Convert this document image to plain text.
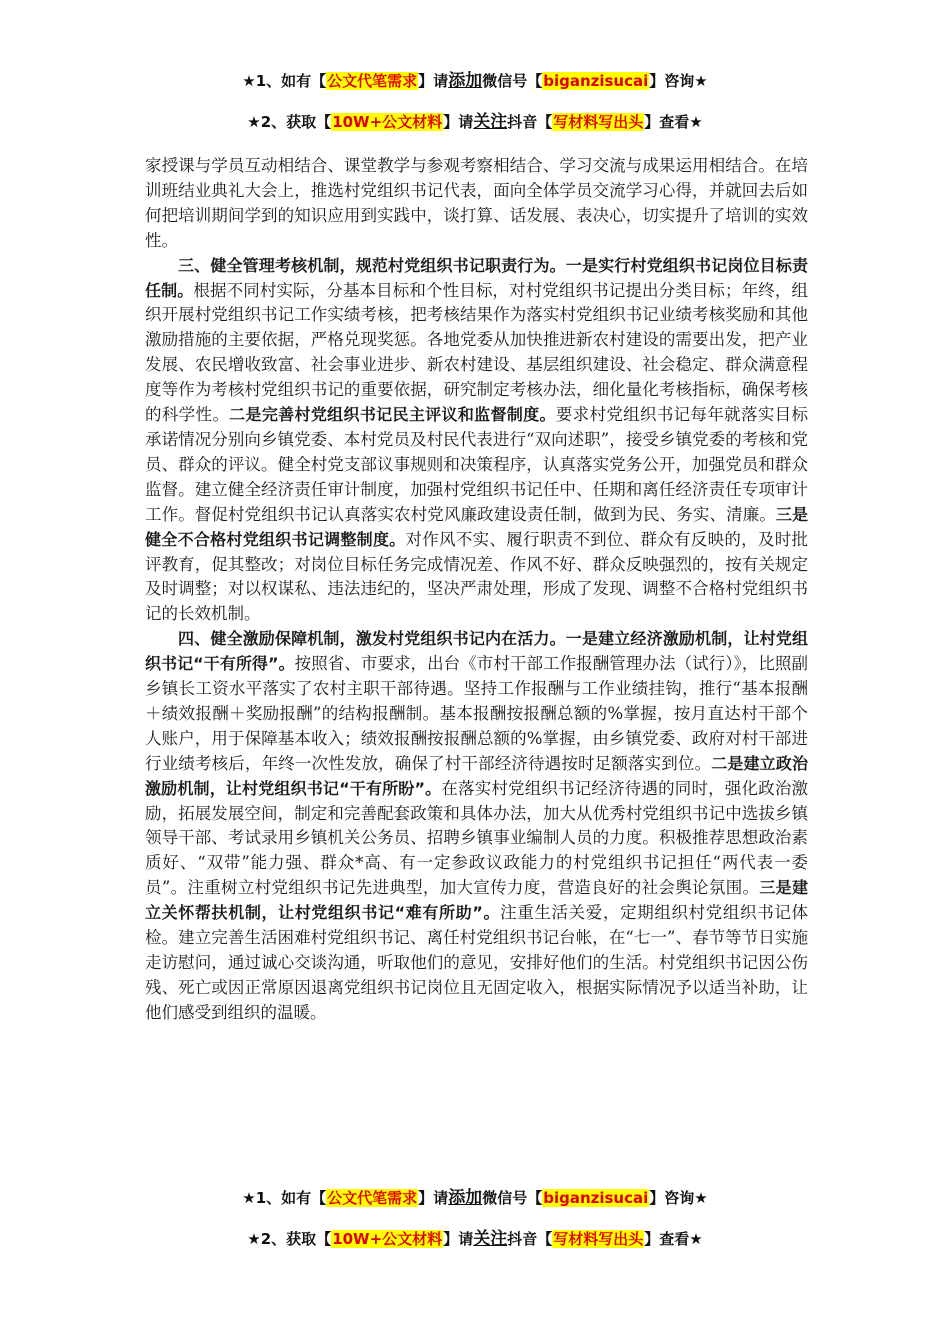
★1、如有【公文代笔需求】请添加微信号【biganzisucai】咨询★
★2、获取【10W+公文材料】请关注抖音【写材料写出头】查看★

家授课与学员互动相结合、课堂教学与参观考察相结合、学习交流与成果运用相结合。在培训班结业典礼大会上，推选村党组织书记代表，面向全体学员交流学习心得，并就回去后如何把培训期间学到的知识应用到实践中，谈打算、话发展、表决心，切实提升了培训的实效性。

三、健全管理考核机制，规范村党组织书记职责行为。一是实行村党组织书记岗位目标责任制。根据不同村实际，分基本目标和个性目标，对村党组织书记提出分类目标；年终，组织开展村党组织书记工作实绩考核，把考核结果作为落实村党组织书记业绩考核奖励和其他激励措施的主要依据，严格兑现奖惩。各地党委从加快推进新农村建设的需要出发，把产业发展、农民增收致富、社会事业进步、新农村建设、基层组织建设、社会稳定、群众满意程度等作为考核村党组织书记的重要依据，研究制定考核办法，细化量化考核指标，确保考核的科学性。二是完善村党组织书记民主评议和监督制度。要求村党组织书记每年就落实目标承诺情况分别向乡镇党委、本村党员及村民代表进行“双向述职”，接受乡镇党委的考核和党员、群众的评议。健全村党支部议事规则和决策程序，认真落实党务公开，加强党员和群众监督。建立健全经济责任审计制度，加强村党组织书记任中、任期和离任经济责任专项审计工作。督促村党组织书记认真落实农村党风廉政建设责任制，做到为民、务实、清廉。三是健全不合格村党组织书记调整制度。对作风不实、履行职责不到位、群众有反映的，及时批评教育，促其整改；对岗位目标任务完成情况差、作风不好、群众反映强烈的，按有关规定及时调整；对以权谋私、违法违纪的，坚决严肃处理，形成了发现、调整不合格村党组织书记的长效机制。

四、健全激励保障机制，激发村党组织书记内在活力。一是建立经济激励机制，让村党组织书记“干有所得”。按照省、市要求，出台《市村干部工作报酬管理办法（试行）》，比照副乡镇长工资水平落实了农村主职干部待遇。坚持工作报酬与工作业绩挂钩，推行“基本报酬＋绩效报酬＋奖励报酬”的结构报酬制。基本报酬按报酬总额的%掌握，按月直达村干部个人账户，用于保障基本收入；绩效报酬按报酬总额的%掌握，由乡镇党委、政府对村干部进行业绩考核后，年终一次性发放，确保了村干部经济待遇按时足额落实到位。二是建立政治激励机制，让村党组织书记“干有所盼”。在落实村党组织书记经济待遇的同时，强化政治激励，拓展发展空间，制定和完善配套政策和具体办法，加大从优秀村党组织书记中选拔乡镇领导干部、考试录用乡镇机关公务员、招聘乡镇事业编制人员的力度。积极推荐思想政治素质好、“双带”能力强、群众*高、有一定参政议政能力的村党组织书记担任“两代表一委员”。注重树立村党组织书记先进典型，加大宣传力度，营造良好的社会舆论氛围。三是建立关怀帮扶机制，让村党组织书记“难有所助”。注重生活关爱，定期组织村党组织书记体检。建立完善生活困难村党组织书记、离任村党组织书记台帐，在“七一”、春节等节日实施走访慰问，通过诚心交谈沟通，听取他们的意见，安排好他们的生活。村党组织书记因公伤残、死亡或因正常原因退离党组织书记岗位且无固定收入，根据实际情况予以适当补助，让他们感受到组织的温暖。

★1、如有【公文代笔需求】请添加微信号【biganzisucai】咨询★
★2、获取【10W+公文材料】请关注抖音【写材料写出头】查看★
